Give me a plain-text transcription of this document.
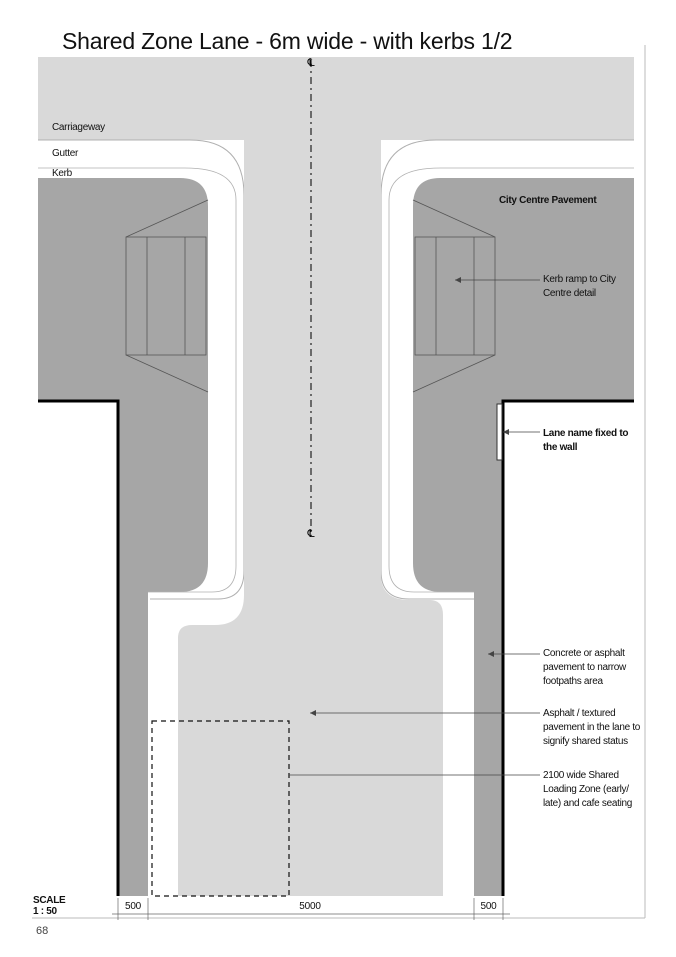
Shared Zone Lane - 6m wide - with kerbs 1/2
℄
℄
Carriageway
Gutter
Kerb
City Centre Pavement
Kerb ramp to City Centre detail
Lane name fixed to the wall
Concrete or asphalt pavement to narrow footpaths area
Asphalt / textured pavement in the lane to signify shared status
2100 wide Shared Loading Zone (early/ late) and cafe seating
500	5000	500
SCALE
1 : 50
68
